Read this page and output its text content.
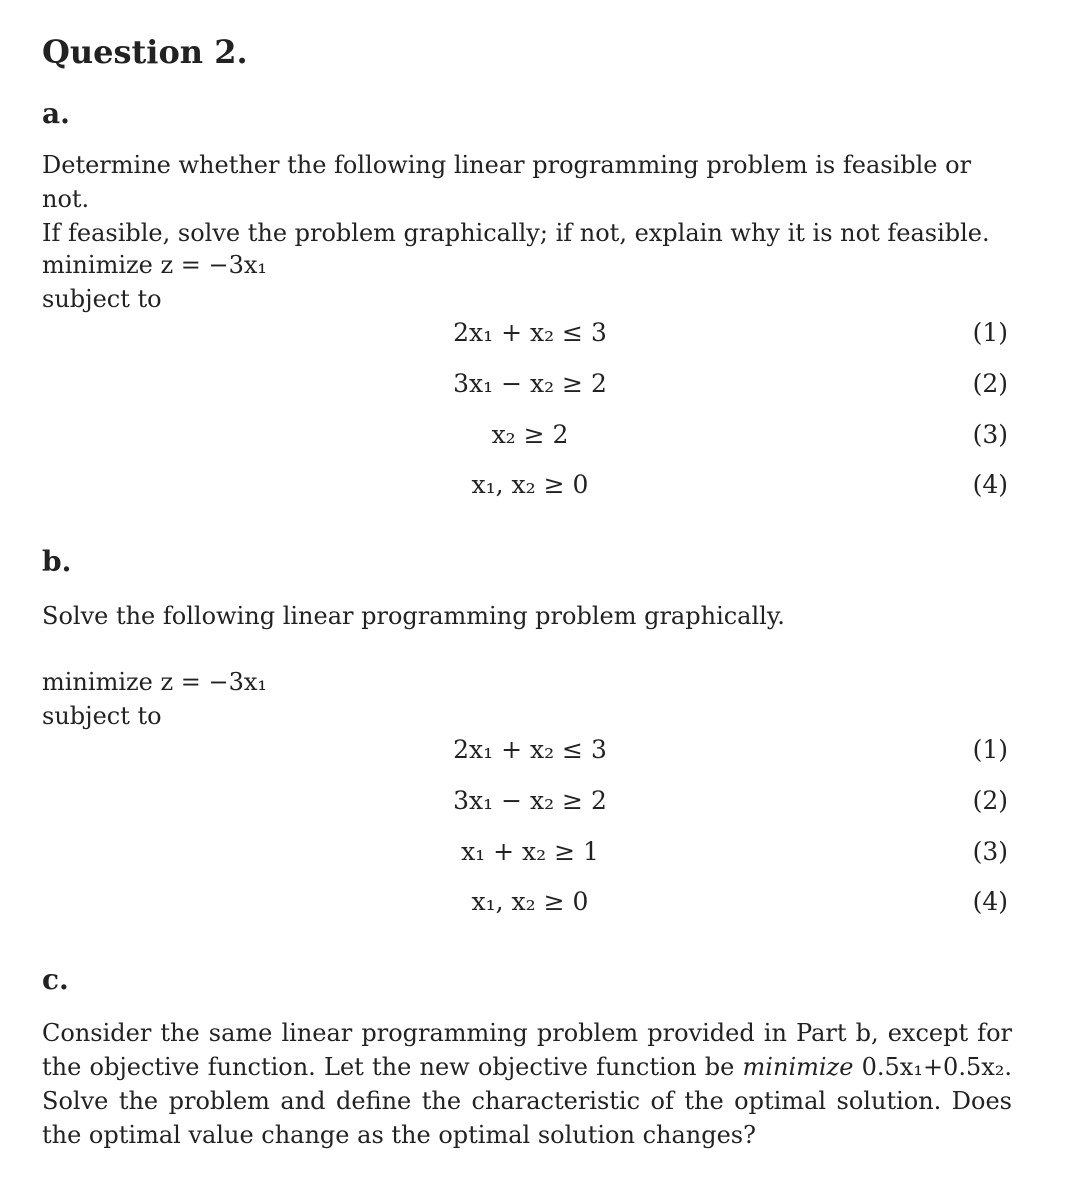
Question 2.
a.
Determine whether the following linear programming problem is feasible or not.
If feasible, solve the problem graphically; if not, explain why it is not feasible.
minimize z = −3x₁
subject to
2x₁ + x₂ ≤ 3	(1)
3x₁ − x₂ ≥ 2	(2)
x₂ ≥ 2	(3)
x₁, x₂ ≥ 0	(4)
b.
Solve the following linear programming problem graphically.
minimize z = −3x₁
subject to
2x₁ + x₂ ≤ 3	(1)
3x₁ − x₂ ≥ 2	(2)
x₁ + x₂ ≥ 1	(3)
x₁, x₂ ≥ 0	(4)
c.
Consider the same linear programming problem provided in Part b, except for
the objective function. Let the new objective function be minimize 0.5x₁+0.5x₂.
Solve the problem and define the characteristic of the optimal solution. Does
the optimal value change as the optimal solution changes?
